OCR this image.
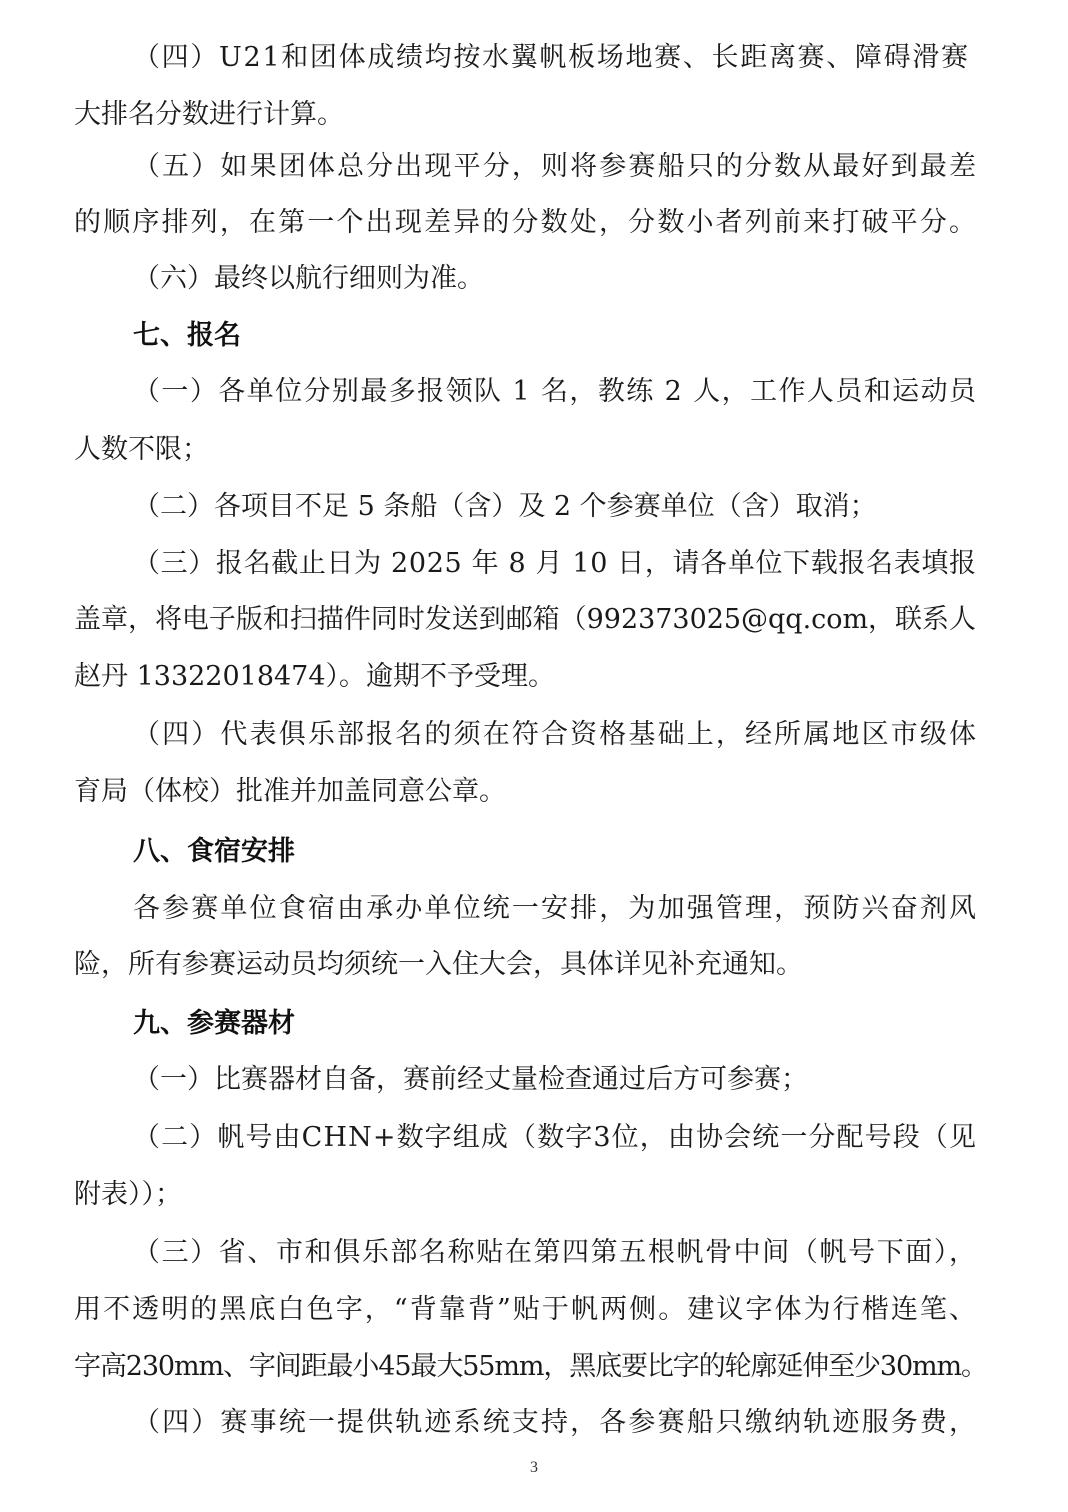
（四）U21和团体成绩均按水翼帆板场地赛、长距离赛、障碍滑赛
大排名分数进行计算。
（五）如果团体总分出现平分，则将参赛船只的分数从最好到最差
的顺序排列，在第一个出现差异的分数处，分数小者列前来打破平分。
（六）最终以航行细则为准。
七、报名
（一）各单位分别最多报领队 1 名，教练 2 人，工作人员和运动员
人数不限；
（二）各项目不足 5 条船（含）及 2 个参赛单位（含）取消；
（三）报名截止日为 2025 年 8 月 10 日，请各单位下载报名表填报
盖章，将电子版和扫描件同时发送到邮箱（992373025@qq.com，联系人
赵丹 13322018474）。逾期不予受理。
（四）代表俱乐部报名的须在符合资格基础上，经所属地区市级体
育局（体校）批准并加盖同意公章。
八、食宿安排
各参赛单位食宿由承办单位统一安排，为加强管理，预防兴奋剂风
险，所有参赛运动员均须统一入住大会，具体详见补充通知。
九、参赛器材
（一）比赛器材自备，赛前经丈量检查通过后方可参赛；
（二）帆号由CHN+数字组成（数字3位，由协会统一分配号段（见
附表））；
（三）省、市和俱乐部名称贴在第四第五根帆骨中间（帆号下面），
用不透明的黑底白色字，“背靠背”贴于帆两侧。建议字体为行楷连笔、
字高230mm、字间距最小45最大55mm，黑底要比字的轮廓延伸至少30mm。
（四）赛事统一提供轨迹系统支持，各参赛船只缴纳轨迹服务费，
3
